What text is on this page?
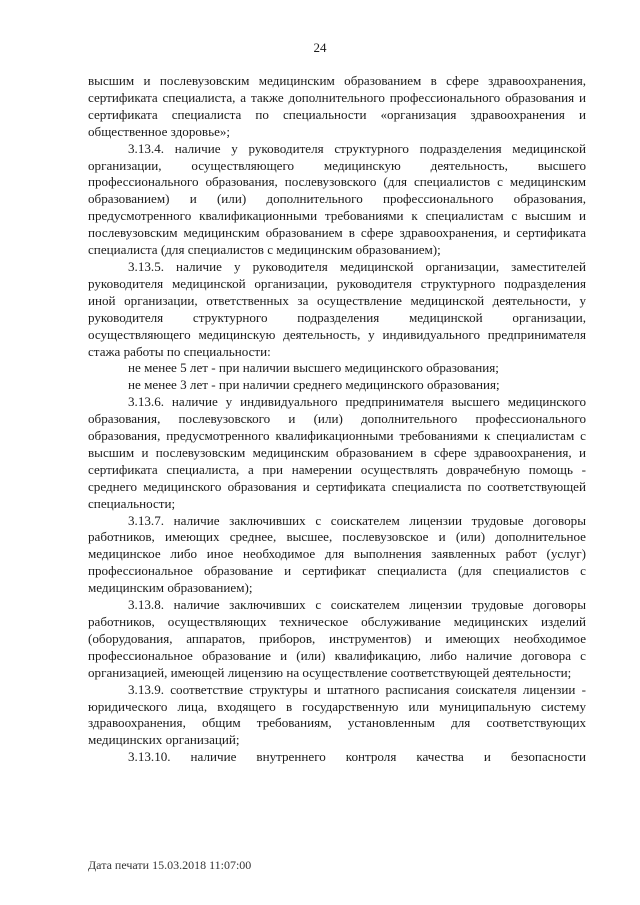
24

высшим и послевузовским медицинским образованием в сфере здравоохранения, сертификата специалиста, а также дополнительного профессионального образования и сертификата специалиста по специальности «организация здравоохранения и общественное здоровье»;

3.13.4. наличие у руководителя структурного подразделения медицинской организации, осуществляющего медицинскую деятельность, высшего профессионального образования, послевузовского (для специалистов с медицинским образованием) и (или) дополнительного профессионального образования, предусмотренного квалификационными требованиями к специалистам с высшим и послевузовским медицинским образованием в сфере здравоохранения, и сертификата специалиста (для специалистов с медицинским образованием);

3.13.5. наличие у руководителя медицинской организации, заместителей руководителя медицинской организации, руководителя структурного подразделения иной организации, ответственных за осуществление медицинской деятельности, у руководителя структурного подразделения медицинской организации, осуществляющего медицинскую деятельность, у индивидуального предпринимателя стажа работы по специальности:

не менее 5 лет - при наличии высшего медицинского образования;

не менее 3 лет - при наличии среднего медицинского образования;

3.13.6. наличие у индивидуального предпринимателя высшего медицинского образования, послевузовского и (или) дополнительного профессионального образования, предусмотренного квалификационными требованиями к специалистам с высшим и послевузовским медицинским образованием в сфере здравоохранения, и сертификата специалиста, а при намерении осуществлять доврачебную помощь - среднего медицинского образования и сертификата специалиста по соответствующей специальности;

3.13.7. наличие заключивших с соискателем лицензии трудовые договоры работников, имеющих среднее, высшее, послевузовское и (или) дополнительное медицинское либо иное необходимое для выполнения заявленных работ (услуг) профессиональное образование и сертификат специалиста (для специалистов с медицинским образованием);

3.13.8. наличие заключивших с соискателем лицензии трудовые договоры работников, осуществляющих техническое обслуживание медицинских изделий (оборудования, аппаратов, приборов, инструментов) и имеющих необходимое профессиональное образование и (или) квалификацию, либо наличие договора с организацией, имеющей лицензию на осуществление соответствующей деятельности;

3.13.9. соответствие структуры и штатного расписания соискателя лицензии - юридического лица, входящего в государственную или муниципальную систему здравоохранения, общим требованиям, установленным для соответствующих медицинских организаций;

3.13.10. наличие внутреннего контроля качества и безопасности

Дата печати 15.03.2018 11:07:00
